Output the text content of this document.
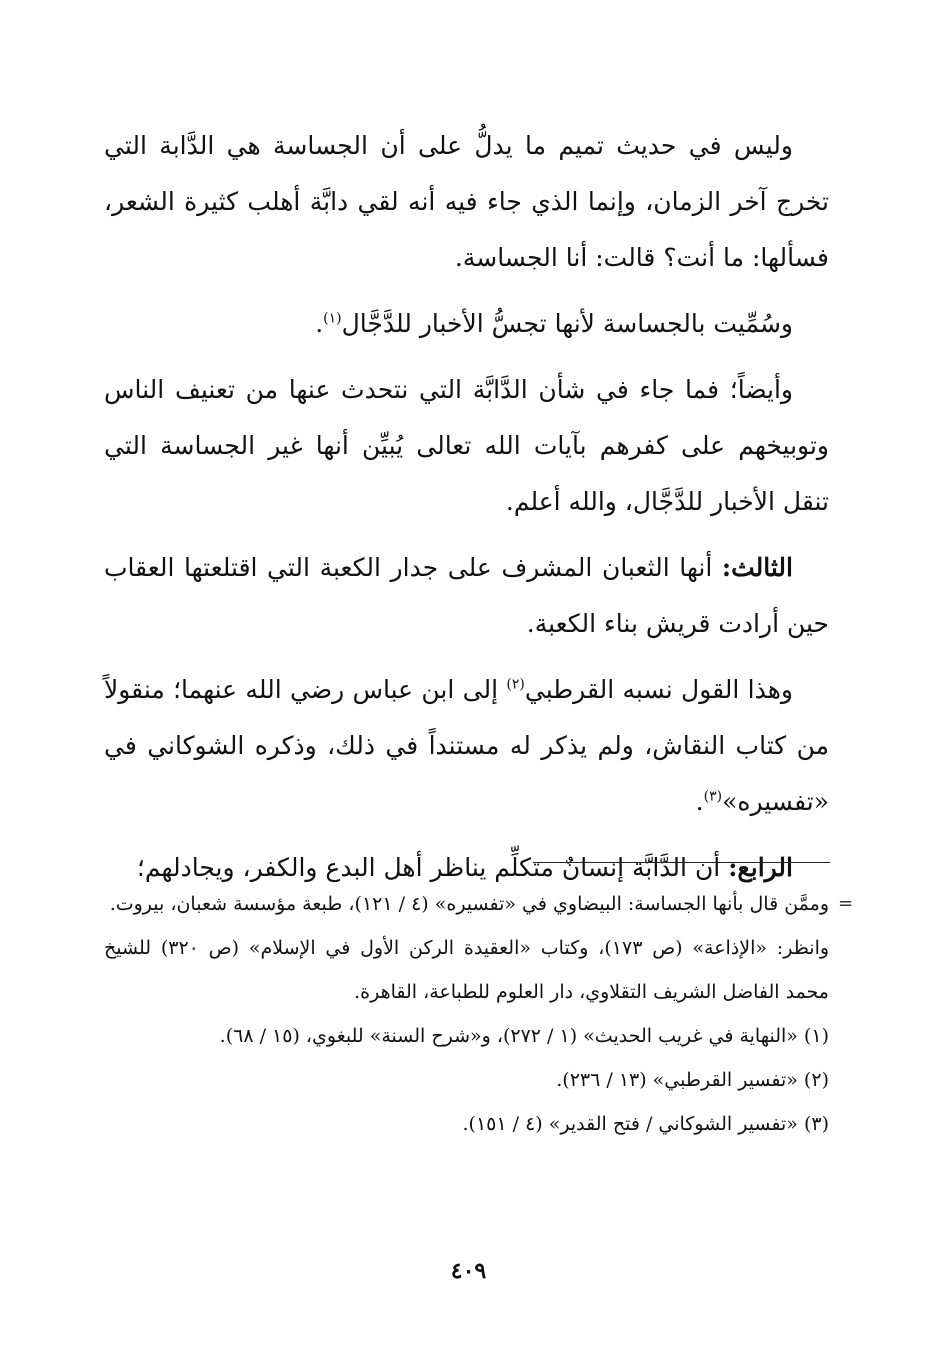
وليس في حديث تميم ما يدلُّ على أن الجساسة هي الدَّابة التي تخرج آخر الزمان، وإنما الذي جاء فيه أنه لقي دابَّة أهلب كثيرة الشعر، فسألها: ما أنت؟ قالت: أنا الجساسة.

وسُمِّيت بالجساسة لأنها تجسُّ الأخبار للدَّجَّال$^{(١)}$.

وأيضاً؛ فما جاء في شأن الدَّابَّة التي نتحدث عنها من تعنيف الناس وتوبيخهم على كفرهم بآيات الله تعالى يُبيِّن أنها غير الجساسة التي تنقل الأخبار للدَّجَّال، والله أعلم.

الثالث: أنها الثعبان المشرف على جدار الكعبة التي اقتلعتها العقاب حين أرادت قريش بناء الكعبة.

وهذا القول نسبه القرطبي$^{(٢)}$ إلى ابن عباس رضي الله عنهما؛ منقولاً من كتاب النقاش، ولم يذكر له مستنداً في ذلك، وذكره الشوكاني في «تفسيره»$^{(٣)}$.

الرابع: أن الدَّابَّة إنسانٌ متكلِّم يناظر أهل البدع والكفر، ويجادلهم؛

=

وممَّن قال بأنها الجساسة: البيضاوي في «تفسيره» (٤ / ١٢١)، طبعة مؤسسة شعبان، بيروت.

وانظر: «الإذاعة» (ص ١٧٣)، وكتاب «العقيدة الركن الأول في الإسلام» (ص ٣٢٠) للشيخ محمد الفاضل الشريف التقلاوي، دار العلوم للطباعة، القاهرة.

(١) «النهاية في غريب الحديث» (١ / ٢٧٢)، و«شرح السنة» للبغوي، (١٥ / ٦٨).

(٢) «تفسير القرطبي» (١٣ / ٢٣٦).

(٣) «تفسير الشوكاني / فتح القدير» (٤ / ١٥١).

٤٠٩
